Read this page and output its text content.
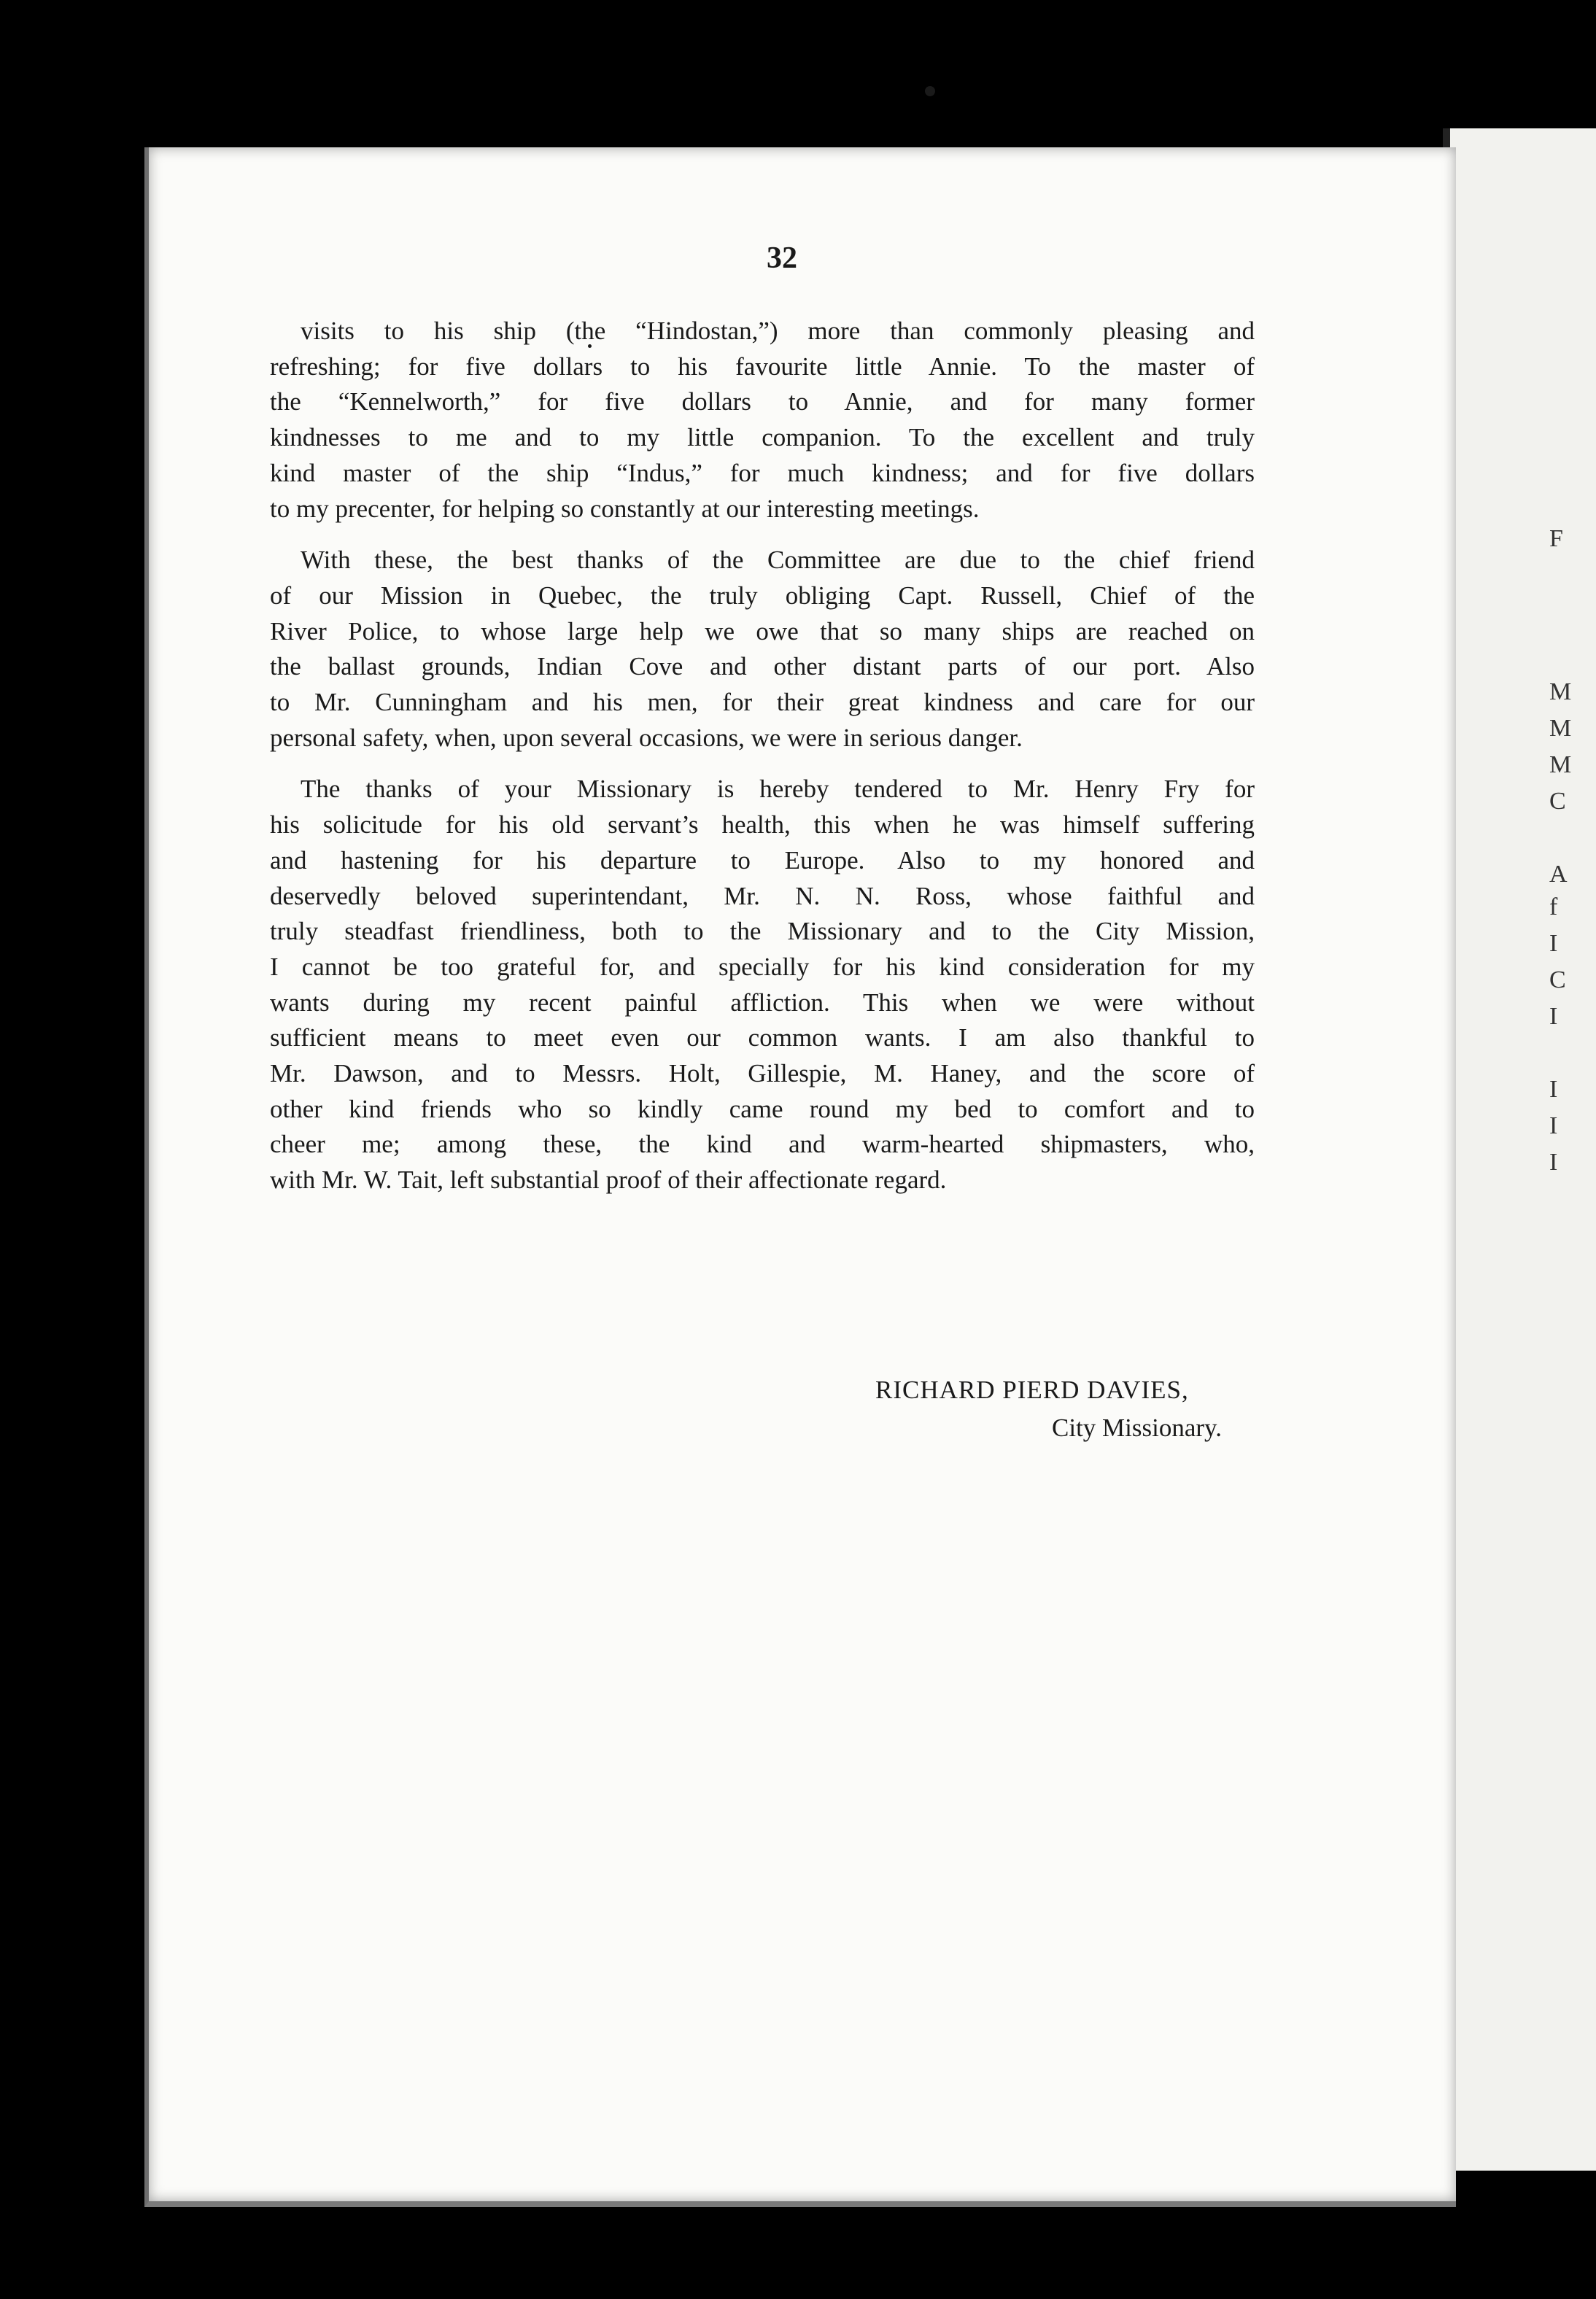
F
M
M
M
C
A
f
I
C
I
I
I
I
32

visits to his ship (the “Hindostan,”) more than commonly pleasing and
refreshing; for five dollars to his favourite little Annie. To the master of
the “Kennelworth,” for five dollars to Annie, and for many former
kindnesses to me and to my little companion. To the excellent and truly
kind master of the ship “Indus,” for much kindness; and for five dollars
to my precenter, for helping so constantly at our interesting meetings.

With these, the best thanks of the Committee are due to the chief friend
of our Mission in Quebec, the truly obliging Capt. Russell, Chief of the
River Police, to whose large help we owe that so many ships are reached on
the ballast grounds, Indian Cove and other distant parts of our port. Also
to Mr. Cunningham and his men, for their great kindness and care for our
personal safety, when, upon several occasions, we were in serious danger.

The thanks of your Missionary is hereby tendered to Mr. Henry Fry for
his solicitude for his old servant’s health, this when he was himself suffering
and hastening for his departure to Europe. Also to my honored and
deservedly beloved superintendant, Mr. N. N. Ross, whose faithful and
truly steadfast friendliness, both to the Missionary and to the City Mission,
I cannot be too grateful for, and specially for his kind consideration for my
wants during my recent painful affliction. This when we were without
sufficient means to meet even our common wants. I am also thankful to
Mr. Dawson, and to Messrs. Holt, Gillespie, M. Haney, and the score of
other kind friends who so kindly came round my bed to comfort and to
cheer me; among these, the kind and warm-hearted shipmasters, who,
with Mr. W. Tait, left substantial proof of their affectionate regard.

RICHARD PIERD DAVIES,
City Missionary.
